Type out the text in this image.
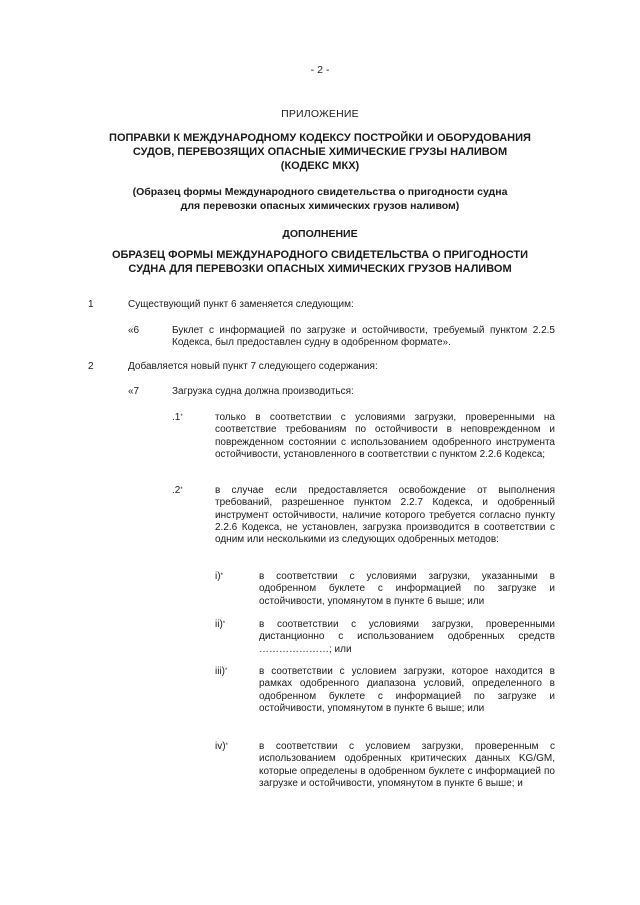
- 2 -
ПРИЛОЖЕНИЕ
ПОПРАВКИ К МЕЖДУНАРОДНОМУ КОДЕКСУ ПОСТРОЙКИ И ОБОРУДОВАНИЯ
СУДОВ, ПЕРЕВОЗЯЩИХ ОПАСНЫЕ ХИМИЧЕСКИЕ ГРУЗЫ НАЛИВОМ
(КОДЕКС МКХ)
(Образец формы Международного свидетельства о пригодности судна
для перевозки опасных химических грузов наливом)
ДОПОЛНЕНИЕ
ОБРАЗЕЦ ФОРМЫ МЕЖДУНАРОДНОГО СВИДЕТЕЛЬСТВА О ПРИГОДНОСТИ
СУДНА ДЛЯ ПЕРЕВОЗКИ ОПАСНЫХ ХИМИЧЕСКИХ ГРУЗОВ НАЛИВОМ
1	Существующий пункт 6 заменяется следующим:
«6	Буклет с информацией по загрузке и остойчивости, требуемый пунктом 2.2.5 Кодекса, был предоставлен судну в одобренном формате».
2	Добавляется новый пункт 7 следующего содержания:
«7	Загрузка судна должна производиться:
.1*	только в соответствии с условиями загрузки, проверенными на соответствие требованиям по остойчивости в неповрежденном и поврежденном состоянии с использованием одобренного инструмента остойчивости, установленного в соответствии с пунктом 2.2.6 Кодекса;
.2*	в случае если предоставляется освобождение от выполнения требований, разрешенное пунктом 2.2.7 Кодекса, и одобренный инструмент остойчивости, наличие которого требуется согласно пункту 2.2.6 Кодекса, не установлен, загрузка производится в соответствии с одним или несколькими из следующих одобренных методов:
i)*	в соответствии с условиями загрузки, указанными в одобренном буклете с информацией по загрузке и остойчивости, упомянутом в пункте 6 выше; или
ii)*	в соответствии с условиями загрузки, проверенными дистанционно с использованием одобренных средств …………………; или
iii)*	в соответствии с условием загрузки, которое находится в рамках одобренного диапазона условий, определенного в одобренном буклете с информацией по загрузке и остойчивости, упомянутом в пункте 6 выше; или
iv)*	в соответствии с условием загрузки, проверенным с использованием одобренных критических данных KG/GM, которые определены в одобренном буклете с информацией по загрузке и остойчивости, упомянутом в пункте 6 выше; и
